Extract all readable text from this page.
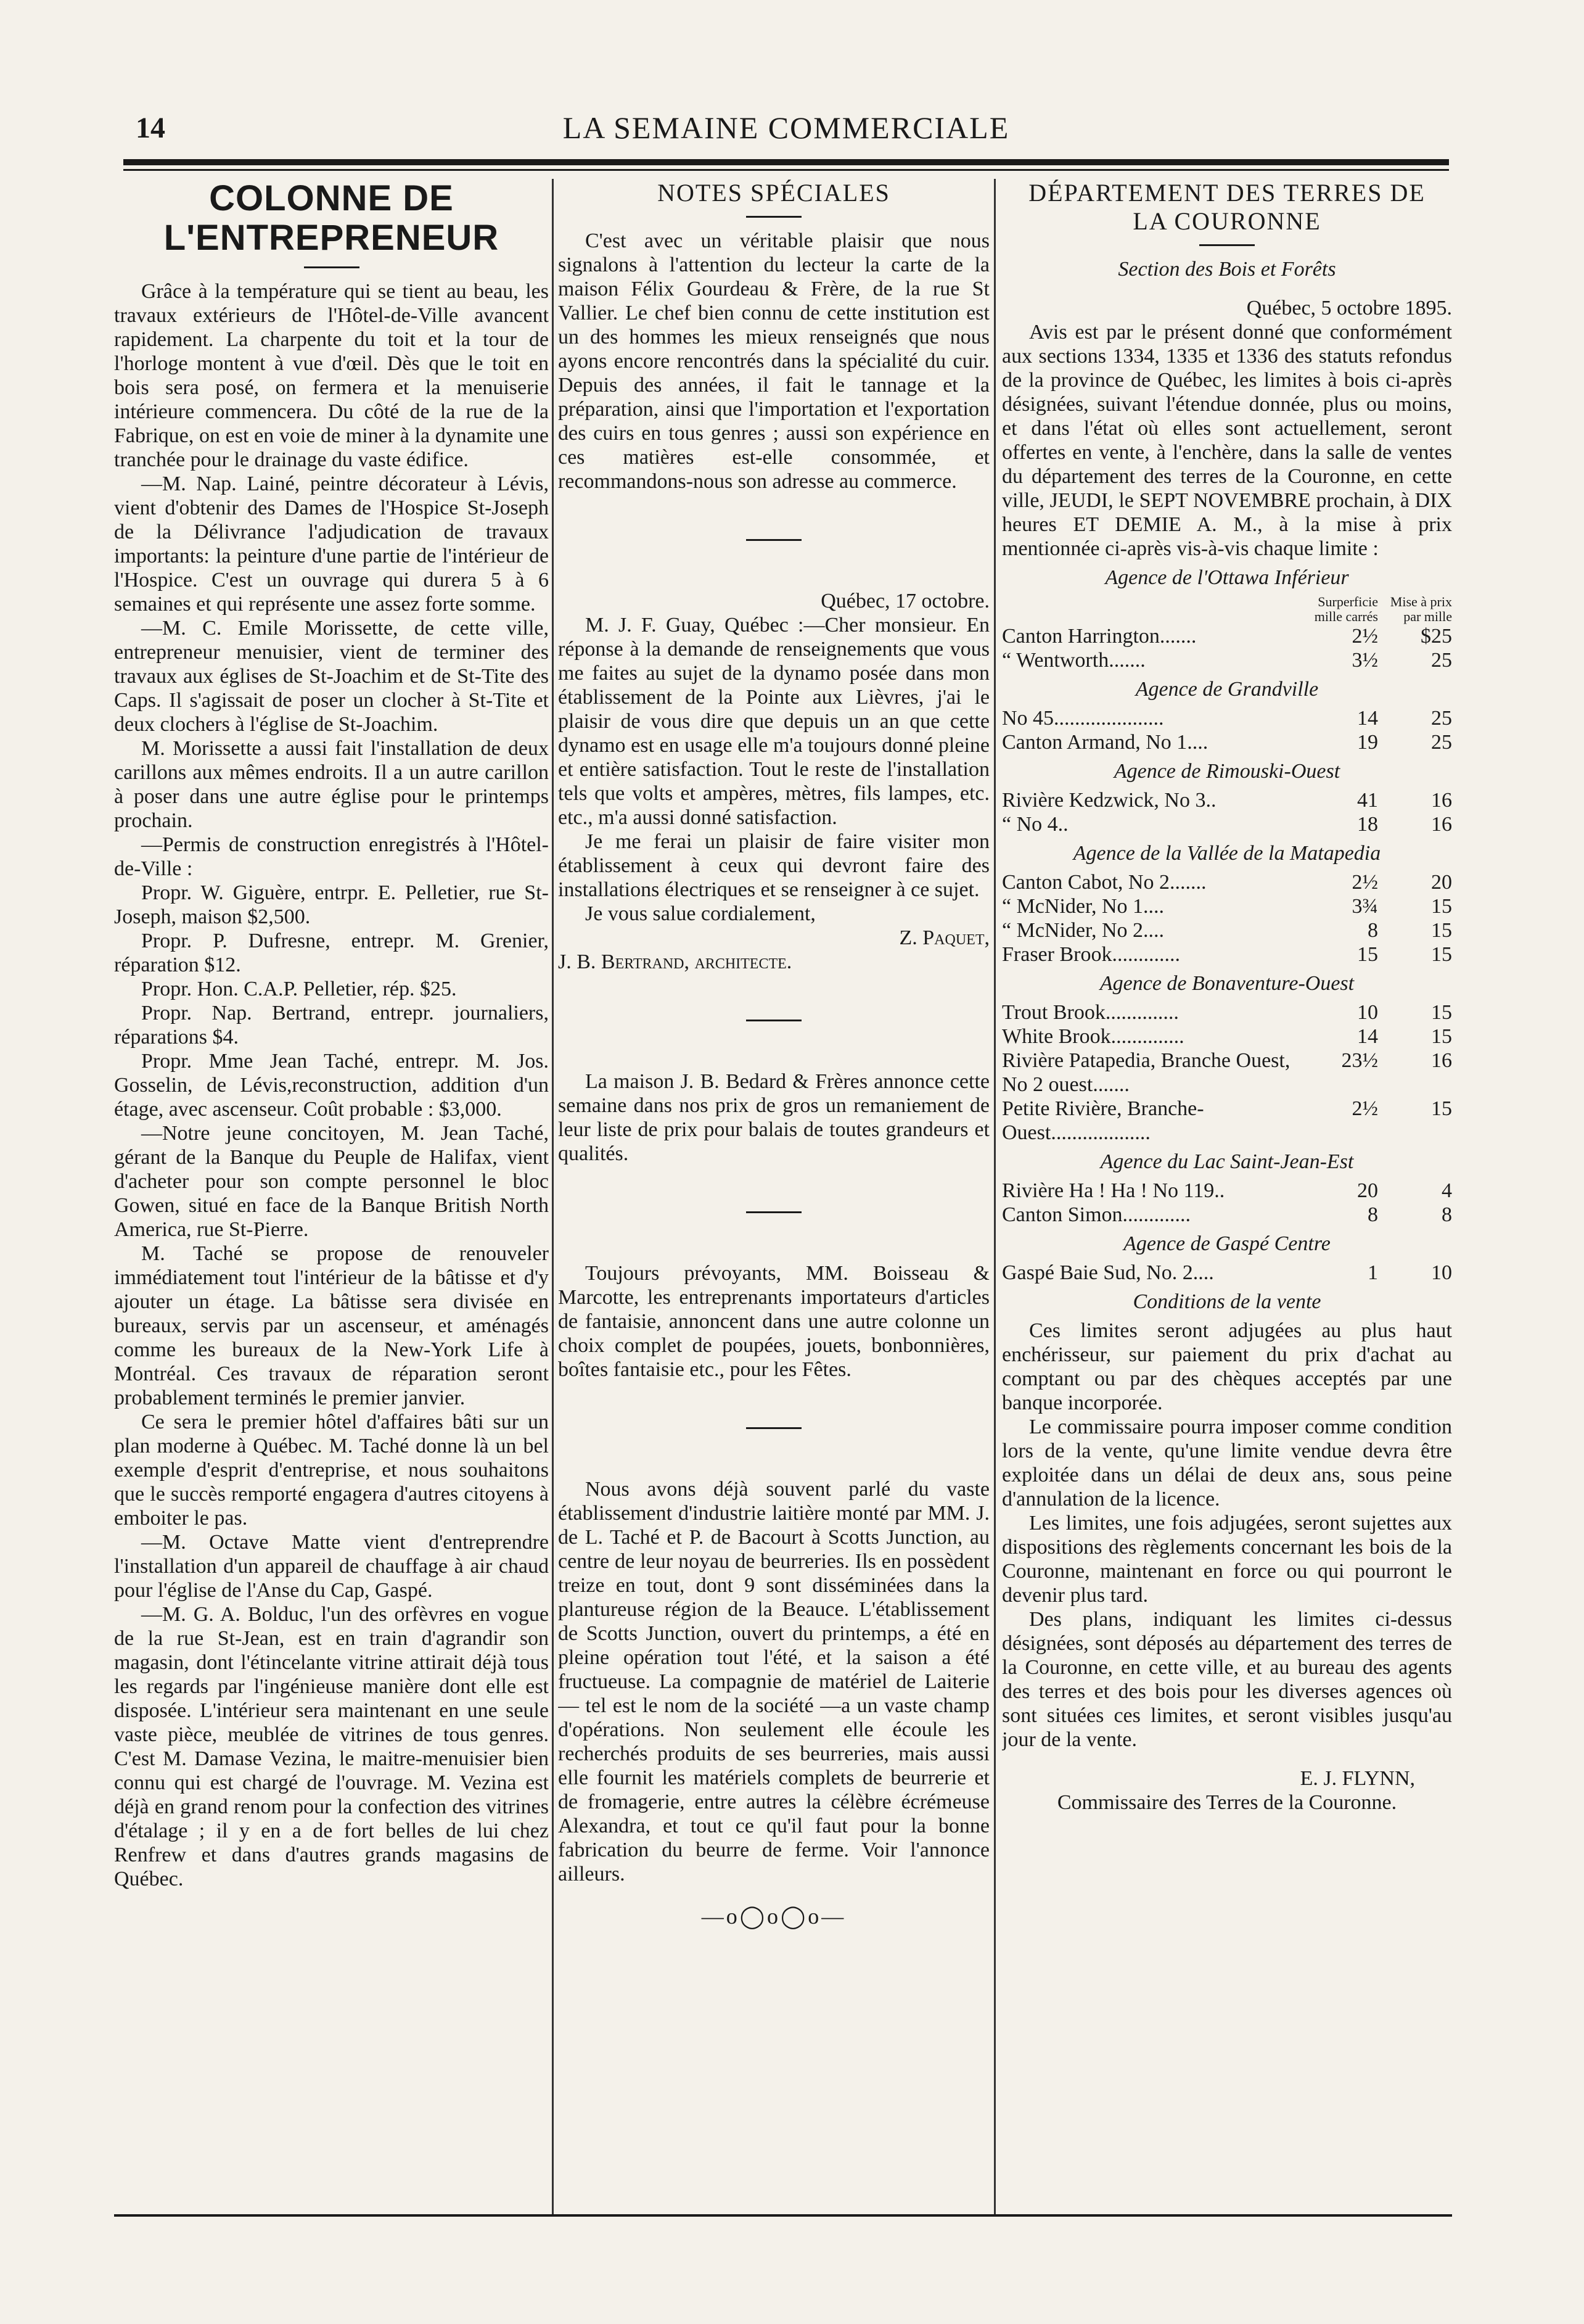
14	LA SEMAINE COMMERCIALE
COLONNE DE L'ENTREPRENEUR

Grâce à la température qui se tient au beau, les travaux extérieurs de l'Hôtel-de-Ville avancent rapidement. La charpente du toit et la tour de l'horloge montent à vue d'œil. Dès que le toit en bois sera posé, on fermera et la menuiserie intérieure commencera. Du côté de la rue de la Fabrique, on est en voie de miner à la dynamite une tranchée pour le drainage du vaste édifice.

—M. Nap. Lainé, peintre décorateur à Lévis, vient d'obtenir des Dames de l'Hospice St-Joseph de la Délivrance l'adjudication de travaux importants: la peinture d'une partie de l'intérieur de l'Hospice. C'est un ouvrage qui durera 5 à 6 semaines et qui représente une assez forte somme.

—M. C. Emile Morissette, de cette ville, entrepreneur menuisier, vient de terminer des travaux aux églises de St-Joachim et de St-Tite des Caps. Il s'agissait de poser un clocher à St-Tite et deux clochers à l'église de St-Joachim.

M. Morissette a aussi fait l'installation de deux carillons aux mêmes endroits. Il a un autre carillon à poser dans une autre église pour le printemps prochain.

—Permis de construction enregistrés à l'Hôtel-de-Ville :

Propr. W. Giguère, entrpr. E. Pelletier, rue St-Joseph, maison $2,500.

Propr. P. Dufresne, entrepr. M. Grenier, réparation $12.

Propr. Hon. C.A.P. Pelletier, rép. $25.

Propr. Nap. Bertrand, entrepr. journaliers, réparations $4.

Propr. Mme Jean Taché, entrepr. M. Jos. Gosselin, de Lévis,reconstruction, addition d'un étage, avec ascenseur. Coût probable : $3,000.

—Notre jeune concitoyen, M. Jean Taché, gérant de la Banque du Peuple de Halifax, vient d'acheter pour son compte personnel le bloc Gowen, situé en face de la Banque British North America, rue St-Pierre.

M. Taché se propose de renouveler immédiatement tout l'intérieur de la bâtisse et d'y ajouter un étage. La bâtisse sera divisée en bureaux, servis par un ascenseur, et aménagés comme les bureaux de la New-York Life à Montréal. Ces travaux de réparation seront probablement terminés le premier janvier.

Ce sera le premier hôtel d'affaires bâti sur un plan moderne à Québec. M. Taché donne là un bel exemple d'esprit d'entreprise, et nous souhaitons que le succès remporté engagera d'autres citoyens à emboiter le pas.

—M. Octave Matte vient d'entreprendre l'installation d'un appareil de chauffage à air chaud pour l'église de l'Anse du Cap, Gaspé.

—M. G. A. Bolduc, l'un des orfèvres en vogue de la rue St-Jean, est en train d'agrandir son magasin, dont l'étincelante vitrine attirait déjà tous les regards par l'ingénieuse manière dont elle est disposée. L'intérieur sera maintenant en une seule vaste pièce, meublée de vitrines de tous genres. C'est M. Damase Vezina, le maitre-menuisier bien connu qui est chargé de l'ouvrage. M. Vezina est déjà en grand renom pour la confection des vitrines d'étalage ; il y en a de fort belles de lui chez Renfrew et dans d'autres grands magasins de Québec.

NOTES SPÉCIALES

C'est avec un véritable plaisir que nous signalons à l'attention du lecteur la carte de la maison Félix Gourdeau & Frère, de la rue St Vallier. Le chef bien connu de cette institution est un des hommes les mieux renseignés que nous ayons encore rencontrés dans la spécialité du cuir. Depuis des années, il fait le tannage et la préparation, ainsi que l'importation et l'exportation des cuirs en tous genres ; aussi son expérience en ces matières est-elle consommée, et recommandons-nous son adresse au commerce.

Québec, 17 octobre.

M. J. F. Guay, Québec :—Cher monsieur. En réponse à la demande de renseignements que vous me faites au sujet de la dynamo posée dans mon établissement de la Pointe aux Lièvres, j'ai le plaisir de vous dire que depuis un an que cette dynamo est en usage elle m'a toujours donné pleine et entière satisfaction. Tout le reste de l'installation tels que volts et ampères, mètres, fils lampes, etc. etc., m'a aussi donné satisfaction.

Je me ferai un plaisir de faire visiter mon établissement à ceux qui devront faire des installations électriques et se renseigner à ce sujet.

Je vous salue cordialement,

Z. Paquet,

J. B. Bertrand, architecte.

La maison J. B. Bedard & Frères annonce cette semaine dans nos prix de gros un remaniement de leur liste de prix pour balais de toutes grandeurs et qualités.

Toujours prévoyants, MM. Boisseau & Marcotte, les entreprenants importateurs d'articles de fantaisie, annoncent dans une autre colonne un choix complet de poupées, jouets, bonbonnières, boîtes fantaisie etc., pour les Fêtes.

Nous avons déjà souvent parlé du vaste établissement d'industrie laitière monté par MM. J. de L. Taché et P. de Bacourt à Scotts Junction, au centre de leur noyau de beurreries. Ils en possèdent treize en tout, dont 9 sont disséminées dans la plantureuse région de la Beauce. L'établissement de Scotts Junction, ouvert du printemps, a été en pleine opération tout l'été, et la saison a été fructueuse. La compagnie de matériel de Laiterie— tel est le nom de la société —a un vaste champ d'opérations. Non seulement elle écoule les recherchés produits de ses beurreries, mais aussi elle fournit les matériels complets de beurrerie et de fromagerie, entre autres la célèbre écrémeuse Alexandra, et tout ce qu'il faut pour la bonne fabrication du beurre de ferme. Voir l'annonce ailleurs.

—o◯o◯o—
DÉPARTEMENT DES TERRES DE
LA COURONNE

Section des Bois et Forêts

Québec, 5 octobre 1895.

Avis est par le présent donné que conformément aux sections 1334, 1335 et 1336 des statuts refondus de la province de Québec, les limites à bois ci-après désignées, suivant l'étendue donnée, plus ou moins, et dans l'état où elles sont actuellement, seront offertes en vente, à l'enchère, dans la salle de ventes du département des terres de la Couronne, en cette ville, JEUDI, le SEPT NOVEMBRE prochain, à DIX heures ET DEMIE A. M., à la mise à prix mentionnée ci-après vis-à-vis chaque limite :

Agence de l'Ottawa Inférieur

	Surperficie mille carrés	Mise à prix par mille
Canton Harrington.......	2½	$25
“ Wentworth.......	3½	25

Agence de Grandville

No 45.....................	14	25
Canton Armand, No 1....	19	25

Agence de Rimouski-Ouest

Rivière Kedzwick, No 3..	41	16
“ No 4..	18	16

Agence de la Vallée de la Matapedia

Canton Cabot, No 2.......	2½	20
“ McNider, No 1....	3¾	15
“ McNider, No 2....	8	15
Fraser Brook.............	15	15

Agence de Bonaventure-Ouest

Trout Brook..............	10	15
White Brook..............	14	15
Rivière Patapedia, Branche Ouest, No 2 ouest.......	23½	16
Petite Rivière, Branche-Ouest...................	2½	15

Agence du Lac Saint-Jean-Est

Rivière Ha ! Ha ! No 119..	20	4
Canton Simon.............	8	8

Agence de Gaspé Centre

Gaspé Baie Sud, No. 2....	1	10

Conditions de la vente

Ces limites seront adjugées au plus haut enchérisseur, sur paiement du prix d'achat au comptant ou par des chèques acceptés par une banque incorporée.

Le commissaire pourra imposer comme condition lors de la vente, qu'une limite vendue devra être exploitée dans un délai de deux ans, sous peine d'annulation de la licence.

Les limites, une fois adjugées, seront sujettes aux dispositions des règlements concernant les bois de la Couronne, maintenant en force ou qui pourront le devenir plus tard.

Des plans, indiquant les limites ci-dessus désignées, sont déposés au département des terres de la Couronne, en cette ville, et au bureau des agents des terres et des bois pour les diverses agences où sont situées ces limites, et seront visibles jusqu'au jour de la vente.

E. J. FLYNN,

Commissaire des Terres de la Couronne.
